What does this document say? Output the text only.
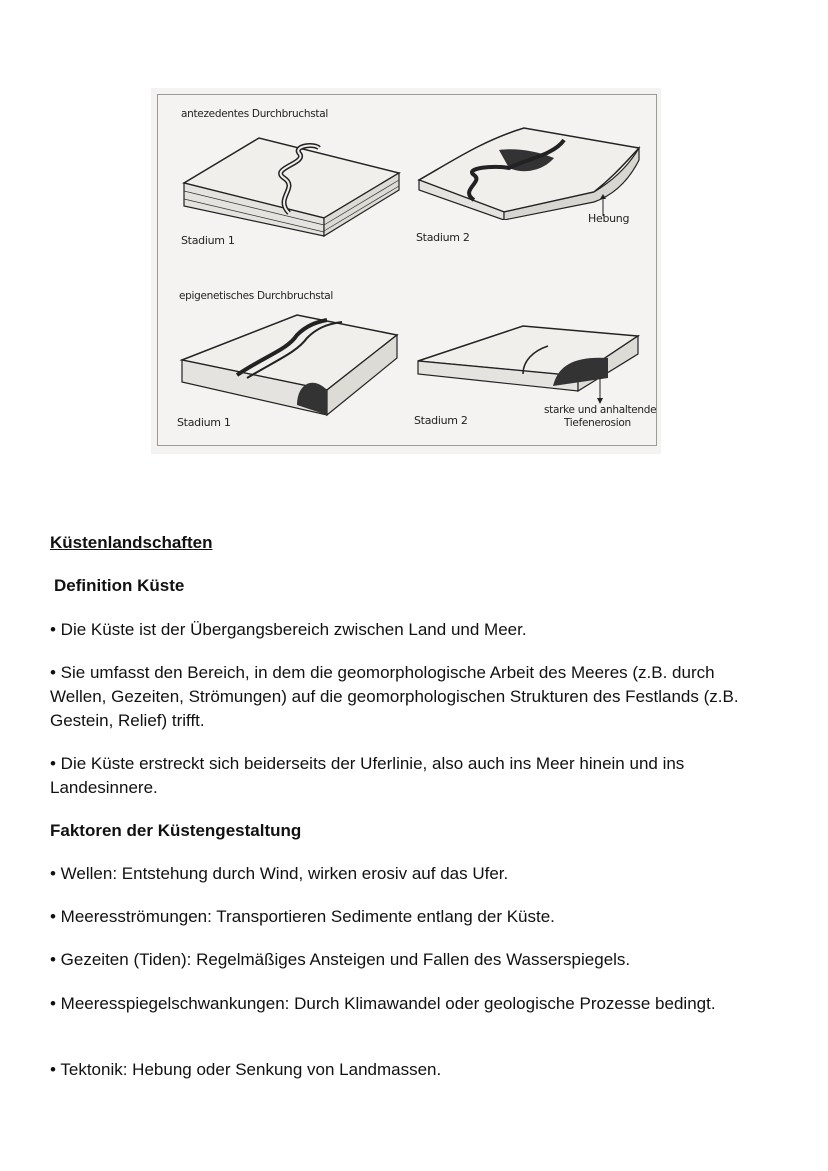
antezedentes Durchbruchstal
Stadium 1
Hebung
Stadium 2
epigenetisches Durchbruchstal
Stadium 1	Stadium 2
starke und anhaltende
Tiefenerosion
Küstenlandschaften
Definition Küste
• Die Küste ist der Übergangsbereich zwischen Land und Meer.
• Sie umfasst den Bereich, in dem die geomorphologische Arbeit des Meeres (z.B. durch Wellen, Gezeiten, Strömungen) auf die geomorphologischen Strukturen des Festlands (z.B. Gestein, Relief) trifft.
• Die Küste erstreckt sich beiderseits der Uferlinie, also auch ins Meer hinein und ins Landesinnere.
Faktoren der Küstengestaltung
• Wellen: Entstehung durch Wind, wirken erosiv auf das Ufer.
• Meeresströmungen: Transportieren Sedimente entlang der Küste.
• Gezeiten (Tiden): Regelmäßiges Ansteigen und Fallen des Wasserspiegels.
• Meeresspiegelschwankungen: Durch Klimawandel oder geologische Prozesse bedingt.
• Tektonik: Hebung oder Senkung von Landmassen.
